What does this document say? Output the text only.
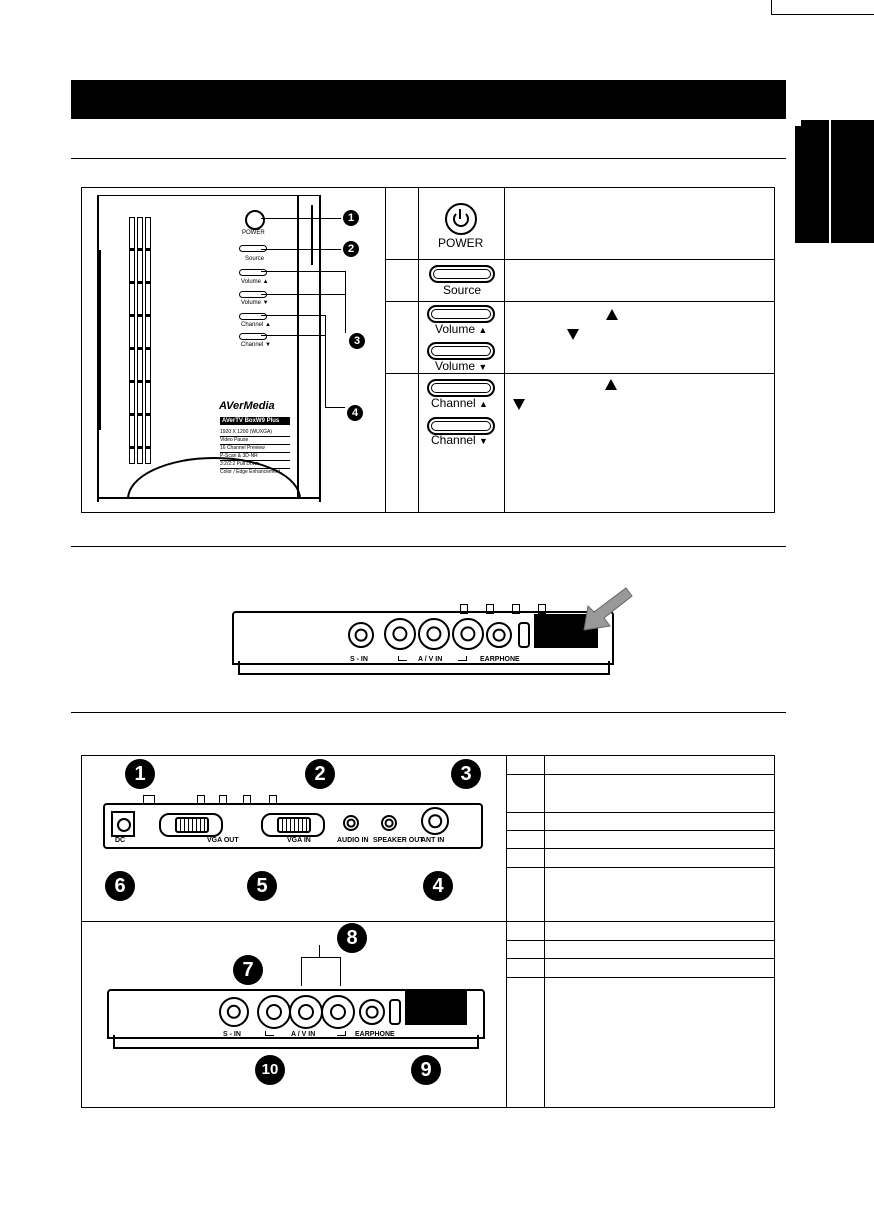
POWER
Source
Volume ▲
Volume ▼
Channel ▲
Channel ▼
AVerMedia
AVerTV BoxW9 Plus
1920 X 1200 (WUXGA)
Video Pause
16 Channel Preview
P-Scan & 3D-NR
3:2/2:2 Pull Down
Color / Edge Enhancement
1
2
3
4
POWER
Source
Volume ▲
Volume ▼
Channel ▲
Channel ▼
S - IN	A / V IN	EARPHONE

DC	VGA OUT	VGA IN	AUDIO IN SPEAKER OUT
ANT IN
1	2	3
4
5
6
S - IN	A / V IN	EARPHONE
7
8
9
10
